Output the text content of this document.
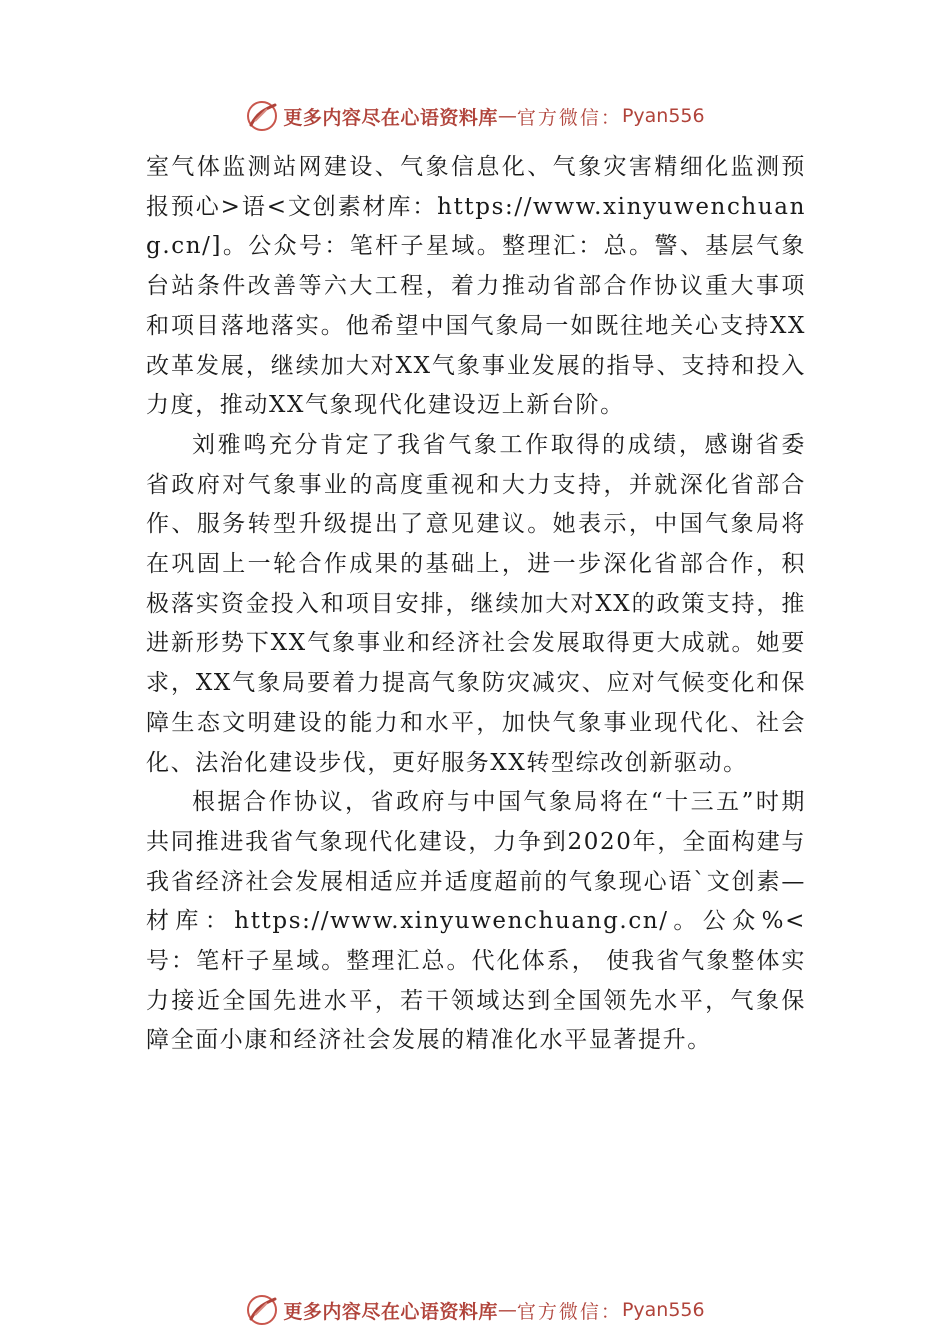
更多内容尽在心语资料库 — 官方微信： Pyan556

室气体监测站网建设、气象信息化、气象灾害精细化监测预报预心>语<文创素材库：https://www.xinyuwenchuang.cn/]。公众号：笔杆子星域。整理汇：总。警、基层气象台站条件改善等六大工程，着力推动省部合作协议重大事项和项目落地落实。他希望中国气象局一如既往地关心支持XX改革发展，继续加大对XX气象事业发展的指导、支持和投入力度，推动XX气象现代化建设迈上新台阶。

刘雅鸣充分肯定了我省气象工作取得的成绩，感谢省委省政府对气象事业的高度重视和大力支持，并就深化省部合作、服务转型升级提出了意见建议。她表示，中国气象局将在巩固上一轮合作成果的基础上，进一步深化省部合作，积极落实资金投入和项目安排，继续加大对XX的政策支持，推进新形势下XX气象事业和经济社会发展取得更大成就。她要求，XX气象局要着力提高气象防灾减灾、应对气候变化和保障生态文明建设的能力和水平，加快气象事业现代化、社会化、法治化建设步伐，更好服务XX转型综改创新驱动。

根据合作协议，省政府与中国气象局将在“十三五”时期共同推进我省气象现代化建设，力争到2020年，全面构建与我省经济社会发展相适应并适度超前的气象现心语`文创素—材库：https://www.xinyuwenchuang.cn/。公众%<号：笔杆子星域。整理汇总。代化体系， 使我省气象整体实力接近全国先进水平，若干领域达到全国领先水平，气象保障全面小康和经济社会发展的精准化水平显著提升。

更多内容尽在心语资料库 — 官方微信： Pyan556
